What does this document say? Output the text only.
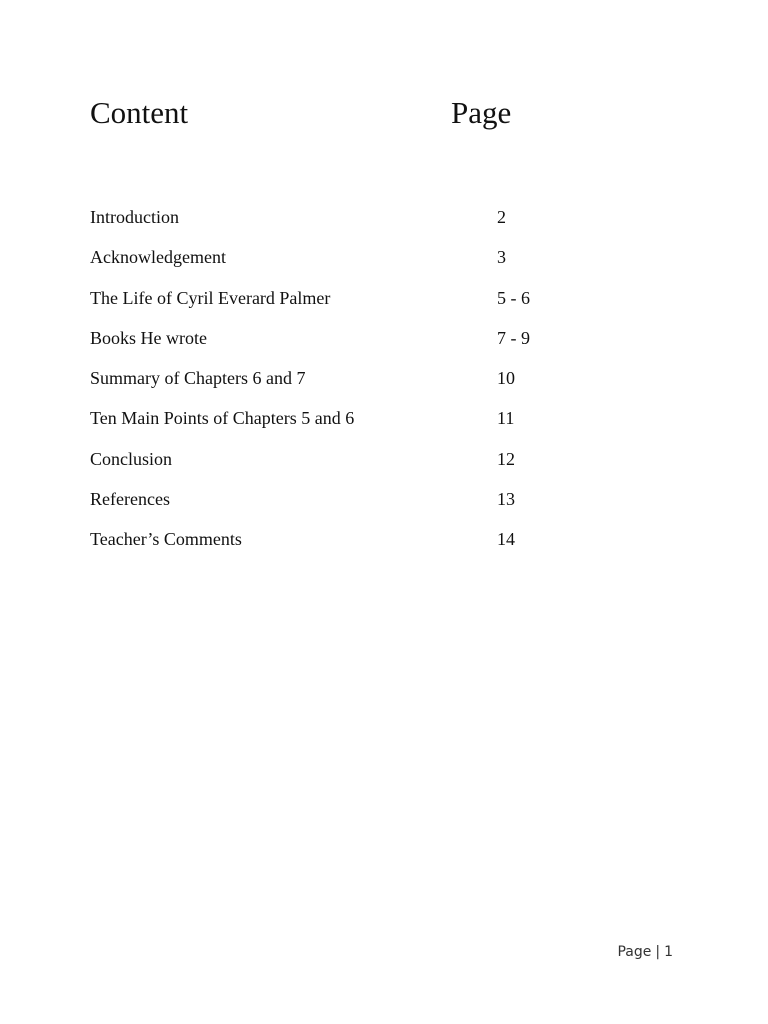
Content	Page
Introduction	2
Acknowledgement	3
The Life of Cyril Everard Palmer	5 - 6
Books He wrote	7 - 9
Summary of Chapters 6 and 7	10
Ten Main Points of Chapters 5 and 6	11
Conclusion	12
References	13
Teacher’s Comments	14
Page | 1
